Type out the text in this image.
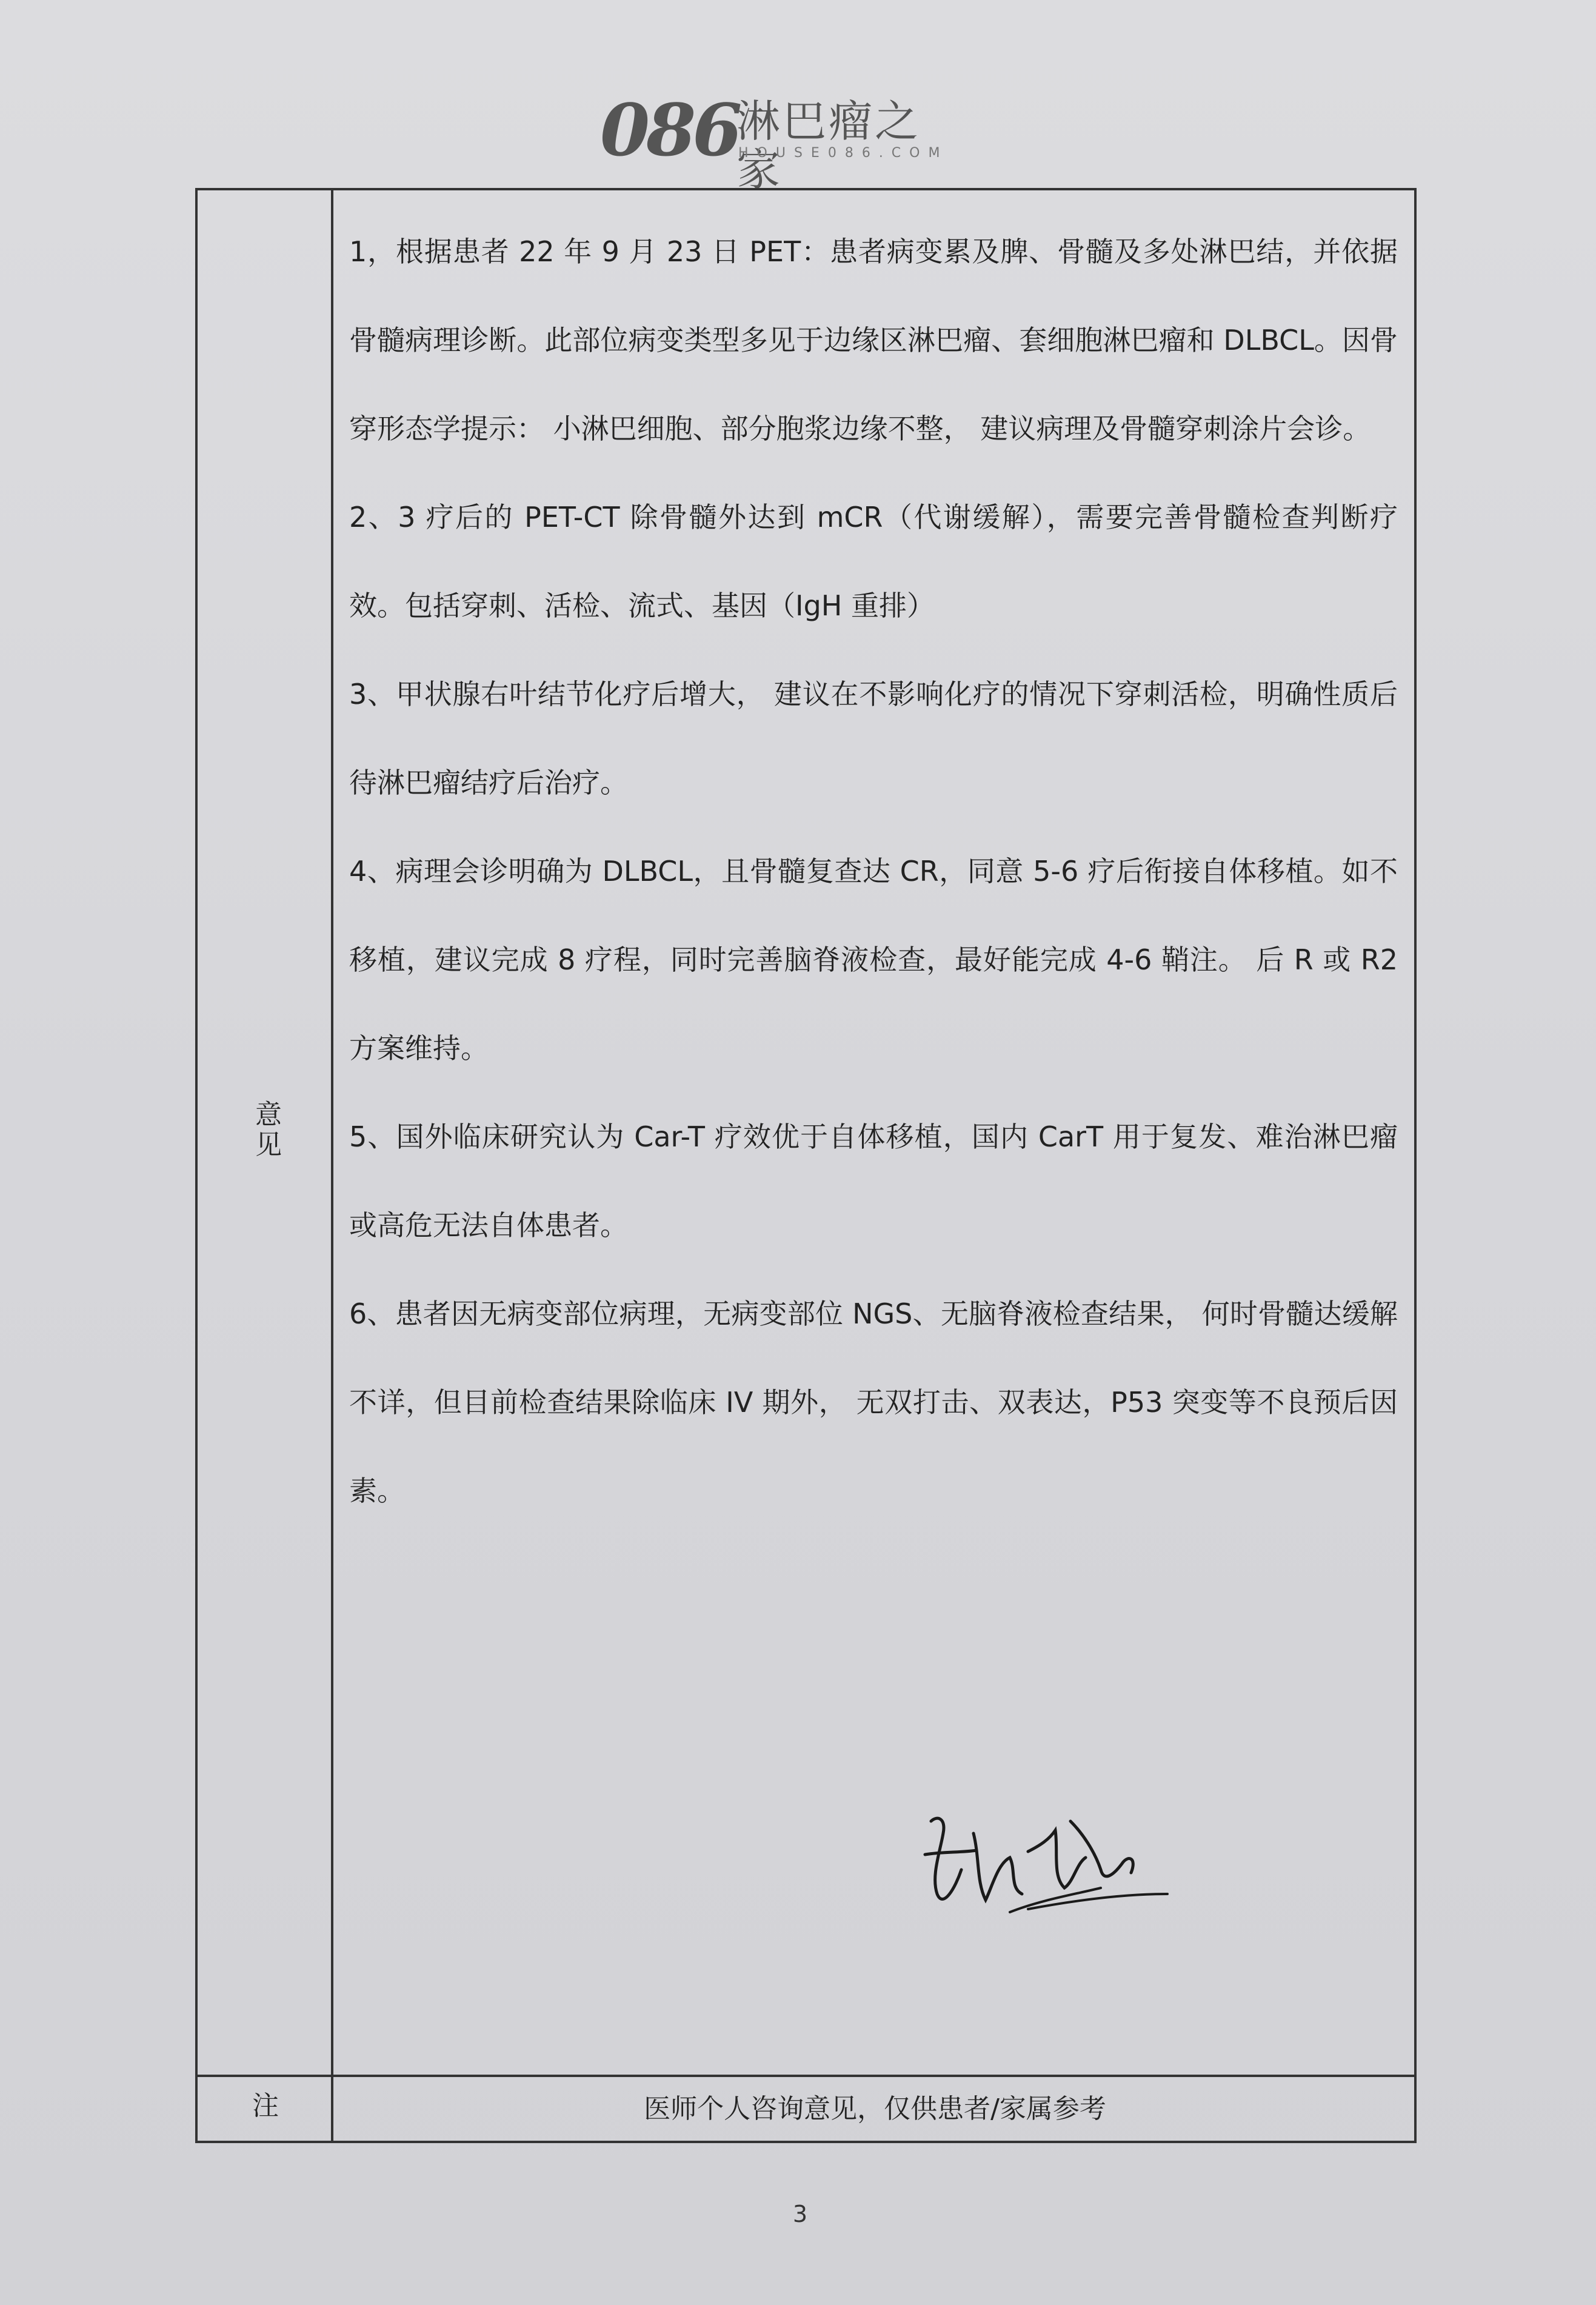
086
淋巴瘤之家
HOUSE086.COM
意见

1，根据患者 22 年 9 月 23 日 PET：患者病变累及脾、骨髓及多处淋巴结，并依据骨髓病理诊断。此部位病变类型多见于边缘区淋巴瘤、套细胞淋巴瘤和 DLBCL。因骨穿形态学提示： 小淋巴细胞、部分胞浆边缘不整， 建议病理及骨髓穿刺涂片会诊。

2、3 疗后的 PET-CT 除骨髓外达到 mCR（代谢缓解），需要完善骨髓检查判断疗效。包括穿刺、活检、流式、基因（IgH 重排）

3、甲状腺右叶结节化疗后增大， 建议在不影响化疗的情况下穿刺活检，明确性质后待淋巴瘤结疗后治疗。

4、病理会诊明确为 DLBCL，且骨髓复查达 CR，同意 5-6 疗后衔接自体移植。如不移植，建议完成 8 疗程，同时完善脑脊液检查，最好能完成 4-6 鞘注。 后 R 或 R2 方案维持。

5、国外临床研究认为 Car-T 疗效优于自体移植，国内 CarT 用于复发、难治淋巴瘤或高危无法自体患者。

6、患者因无病变部位病理，无病变部位 NGS、无脑脊液检查结果， 何时骨髓达缓解不详，但目前检查结果除临床 IV 期外， 无双打击、双表达，P53 突变等不良预后因素。

注	医师个人咨询意见，仅供患者/家属参考
3
